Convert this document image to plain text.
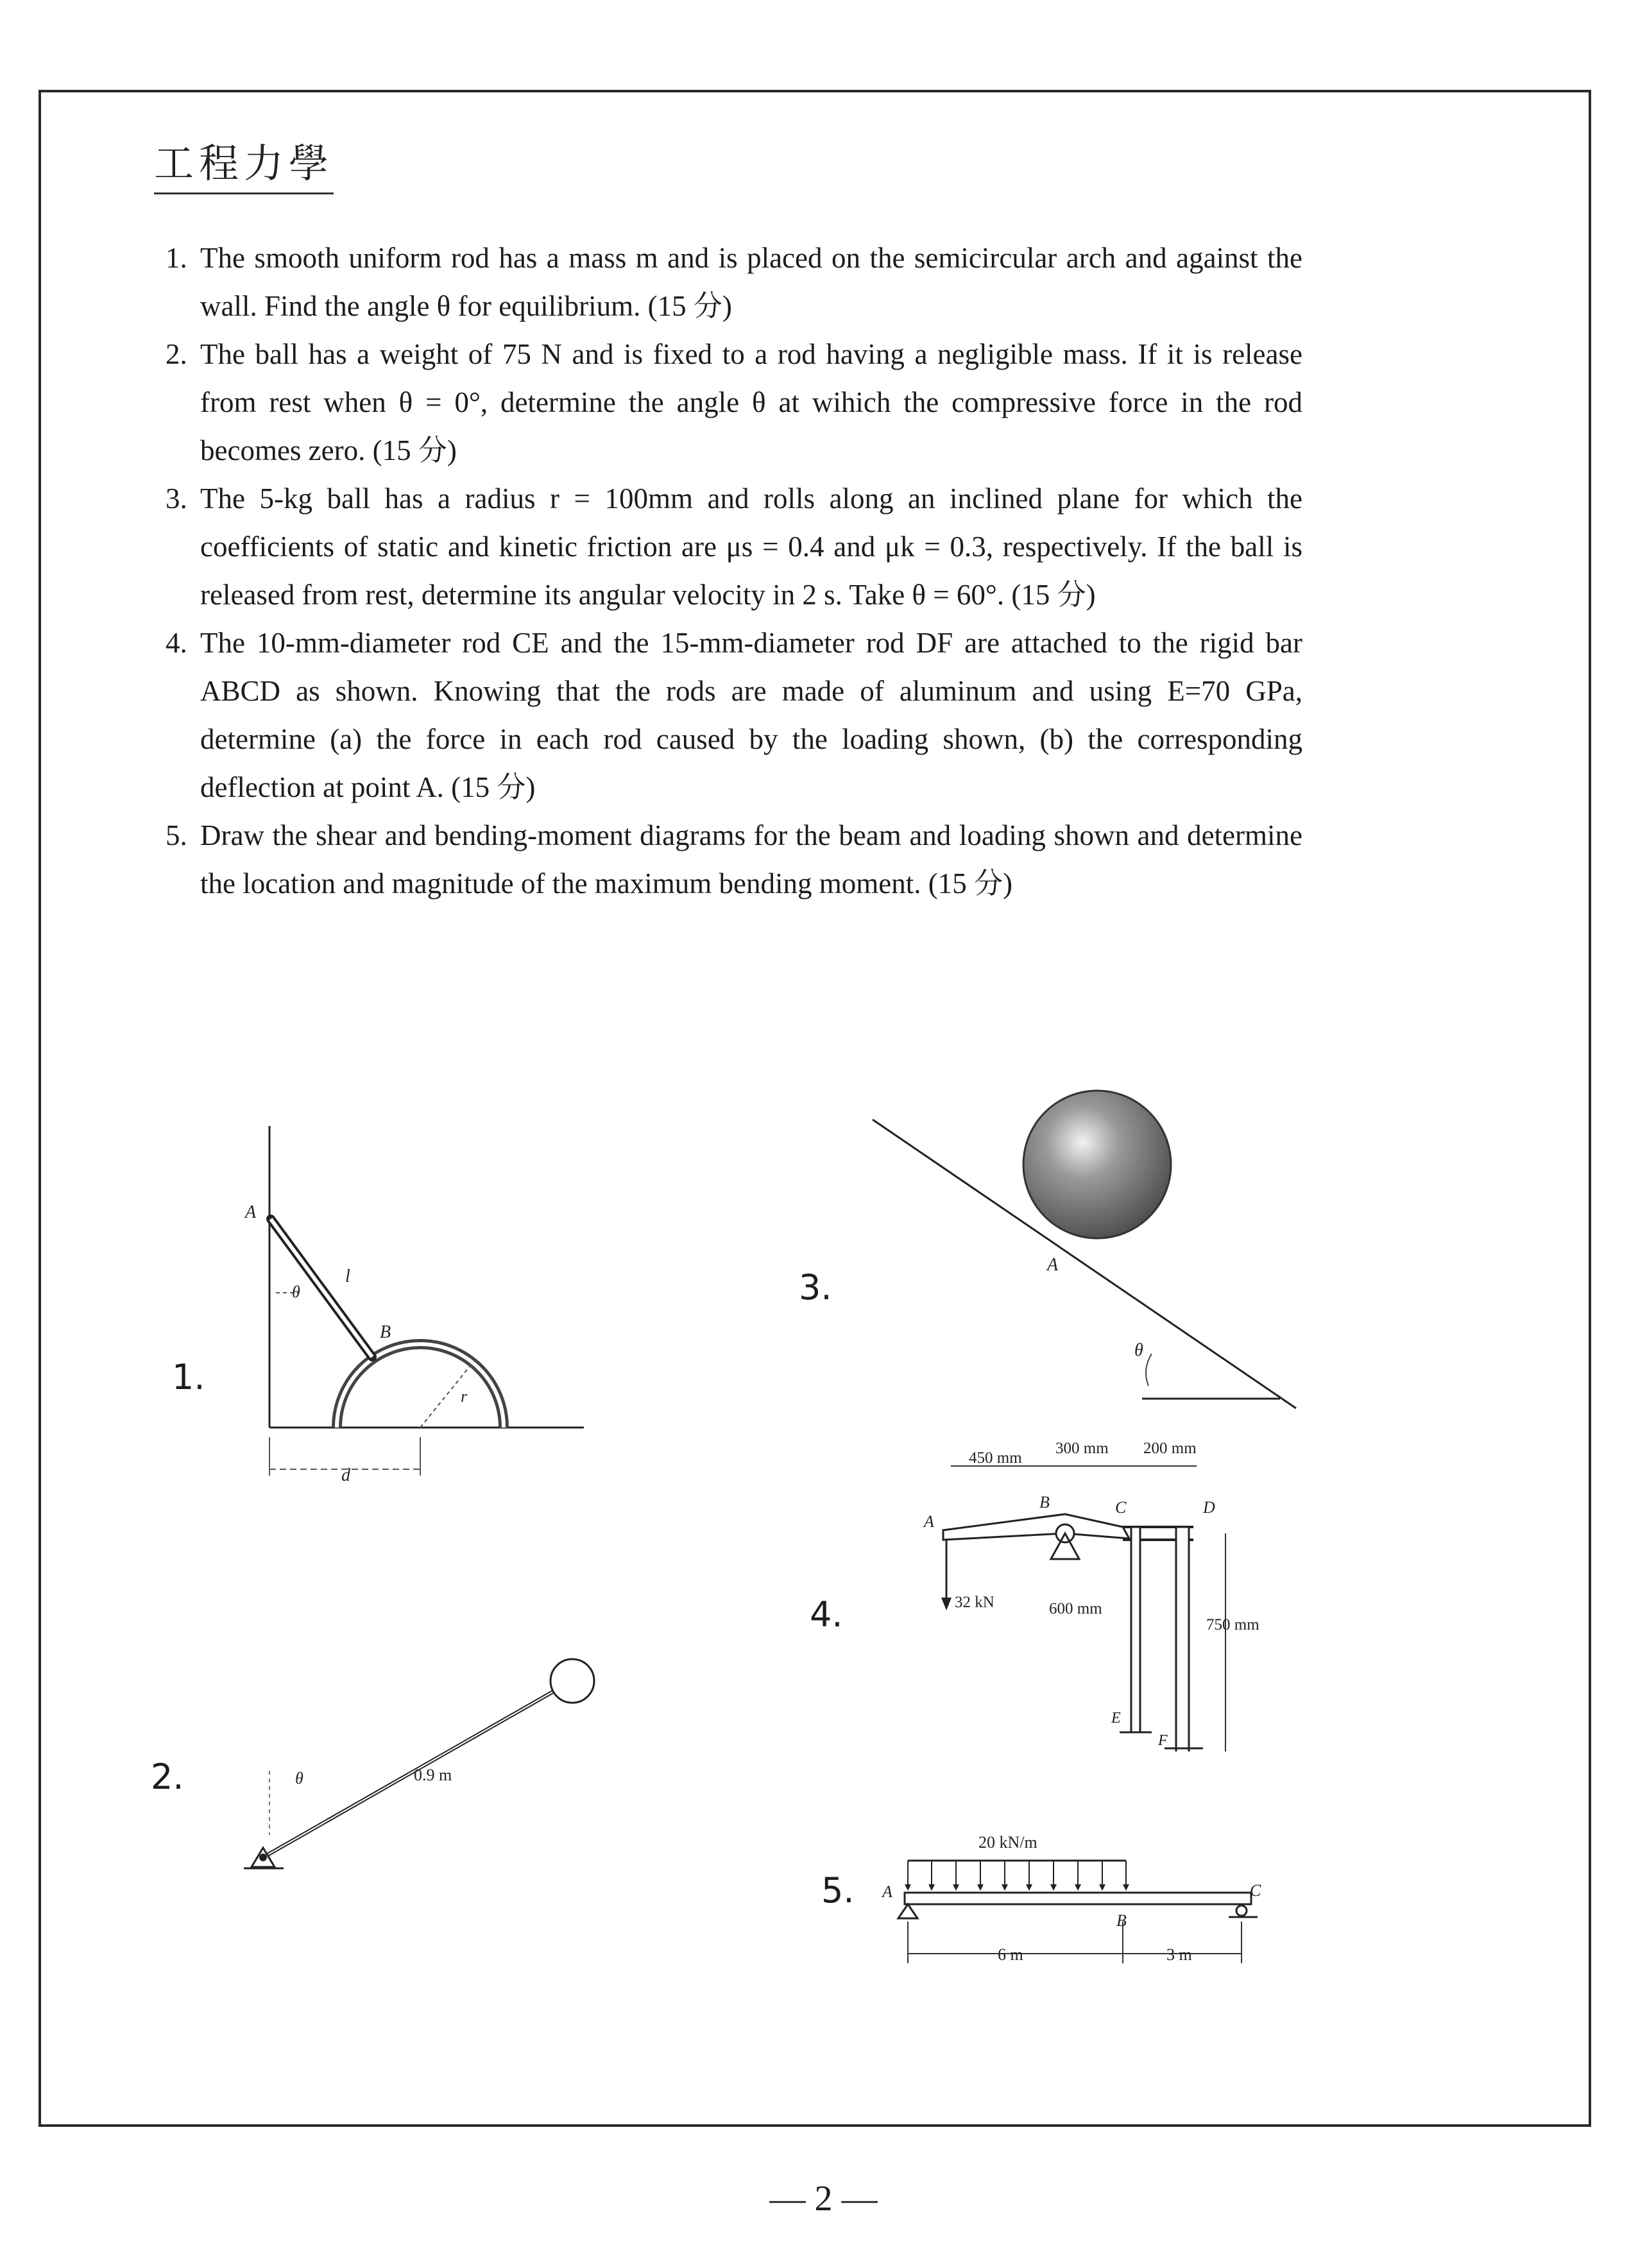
工程力學
1. The smooth uniform rod has a mass m and is placed on the semicircular arch and against the wall. Find the angle θ for equilibrium. (15 分)
2. The ball has a weight of 75 N and is fixed to a rod having a negligible mass. If it is release from rest when θ = 0°, determine the angle θ at wihich the compressive force in the rod becomes zero. (15 分)
3. The 5-kg ball has a radius r = 100mm and rolls along an inclined plane for which the coefficients of static and kinetic friction are μs = 0.4 and μk = 0.3, respectively. If the ball is released from rest, determine its angular velocity in 2 s. Take θ = 60°. (15 分)
4. The 10-mm-diameter rod CE and the 15-mm-diameter rod DF are attached to the rigid bar ABCD as shown. Knowing that the rods are made of aluminum and using E=70 GPa, determine (a) the force in each rod caused by the loading shown, (b) the corresponding deflection at point A. (15 分)
5. Draw the shear and bending-moment diagrams for the beam and loading shown and determine the location and magnitude of the maximum bending moment. (15 分)
1.
A
θ
l
B
r
d
2.	θ	0.9 m
3.
A
θ
4.
450 mm
300 mm 200 mm
A
B	C	D
E
F
32 kN	600 mm
750 mm
5.
20 kN/m
A
B
C
6 m	3 m
— 2 —
